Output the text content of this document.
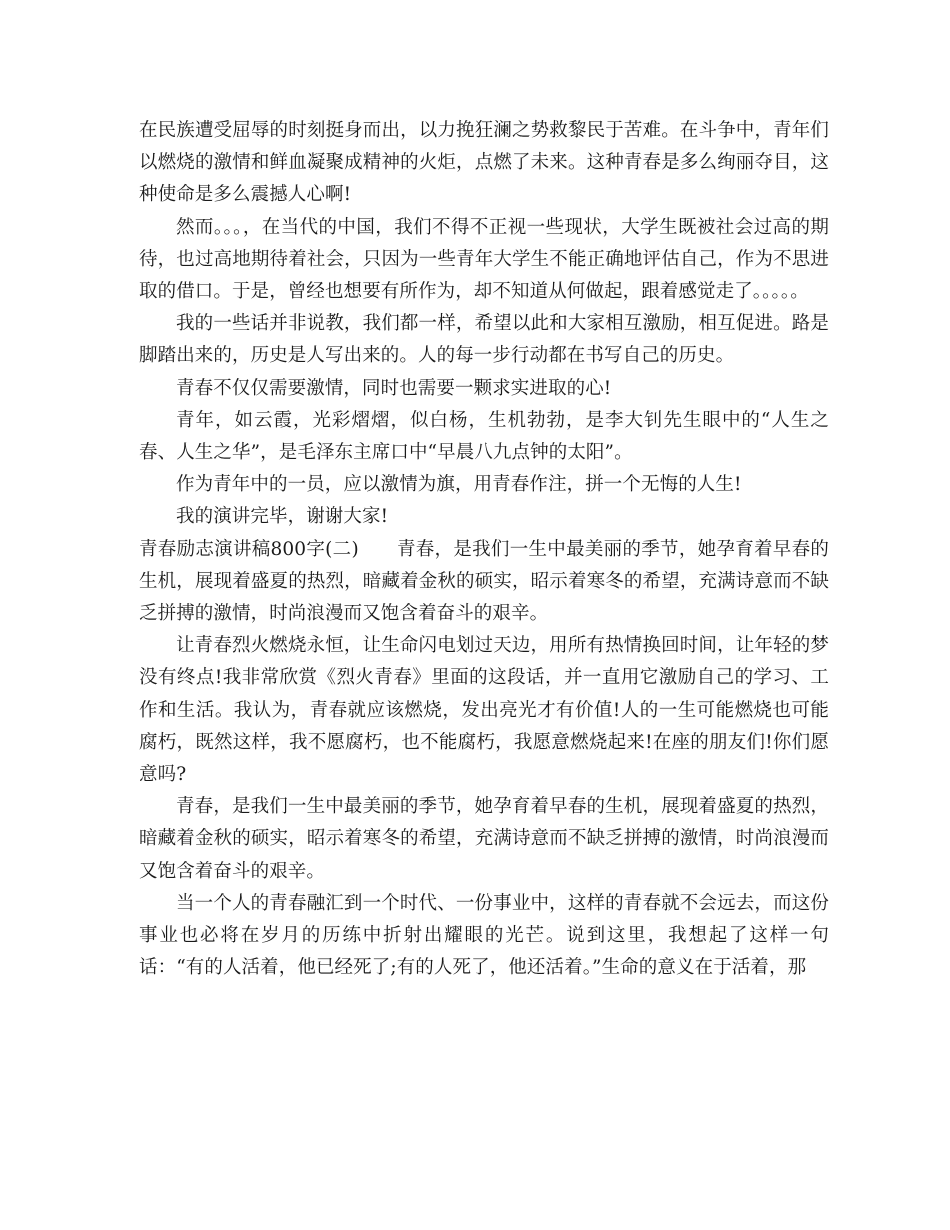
在民族遭受屈辱的时刻挺身而出，以力挽狂澜之势救黎民于苦难。在斗争中，青年们以燃烧的激情和鲜血凝聚成精神的火炬，点燃了未来。这种青春是多么绚丽夺目，这种使命是多么震撼人心啊!

然而。。。，在当代的中国，我们不得不正视一些现状，大学生既被社会过高的期待，也过高地期待着社会，只因为一些青年大学生不能正确地评估自己，作为不思进取的借口。于是，曾经也想要有所作为，却不知道从何做起，跟着感觉走了。。。。。

我的一些话并非说教，我们都一样，希望以此和大家相互激励，相互促进。路是脚踏出来的，历史是人写出来的。人的每一步行动都在书写自己的历史。

青春不仅仅需要激情，同时也需要一颗求实进取的心!

青年，如云霞，光彩熠熠，似白杨，生机勃勃，是李大钊先生眼中的“人生之春、人生之华”，是毛泽东主席口中“早晨八九点钟的太阳”。

作为青年中的一员，应以激情为旗，用青春作注，拼一个无悔的人生!

我的演讲完毕，谢谢大家!

青春励志演讲稿800字(二) 青春，是我们一生中最美丽的季节，她孕育着早春的生机，展现着盛夏的热烈，暗藏着金秋的硕实，昭示着寒冬的希望，充满诗意而不缺乏拼搏的激情，时尚浪漫而又饱含着奋斗的艰辛。

让青春烈火燃烧永恒，让生命闪电划过天边，用所有热情换回时间，让年轻的梦没有终点!我非常欣赏《烈火青春》里面的这段话，并一直用它激励自己的学习、工作和生活。我认为，青春就应该燃烧，发出亮光才有价值!人的一生可能燃烧也可能腐朽，既然这样，我不愿腐朽，也不能腐朽，我愿意燃烧起来!在座的朋友们!你们愿意吗?

青春，是我们一生中最美丽的季节，她孕育着早春的生机，展现着盛夏的热烈，暗藏着金秋的硕实，昭示着寒冬的希望，充满诗意而不缺乏拼搏的激情，时尚浪漫而又饱含着奋斗的艰辛。

当一个人的青春融汇到一个时代、一份事业中，这样的青春就不会远去，而这份事业也必将在岁月的历练中折射出耀眼的光芒。说到这里，我想起了这样一句话：“有的人活着，他已经死了;有的人死了，他还活着。”生命的意义在于活着，那
